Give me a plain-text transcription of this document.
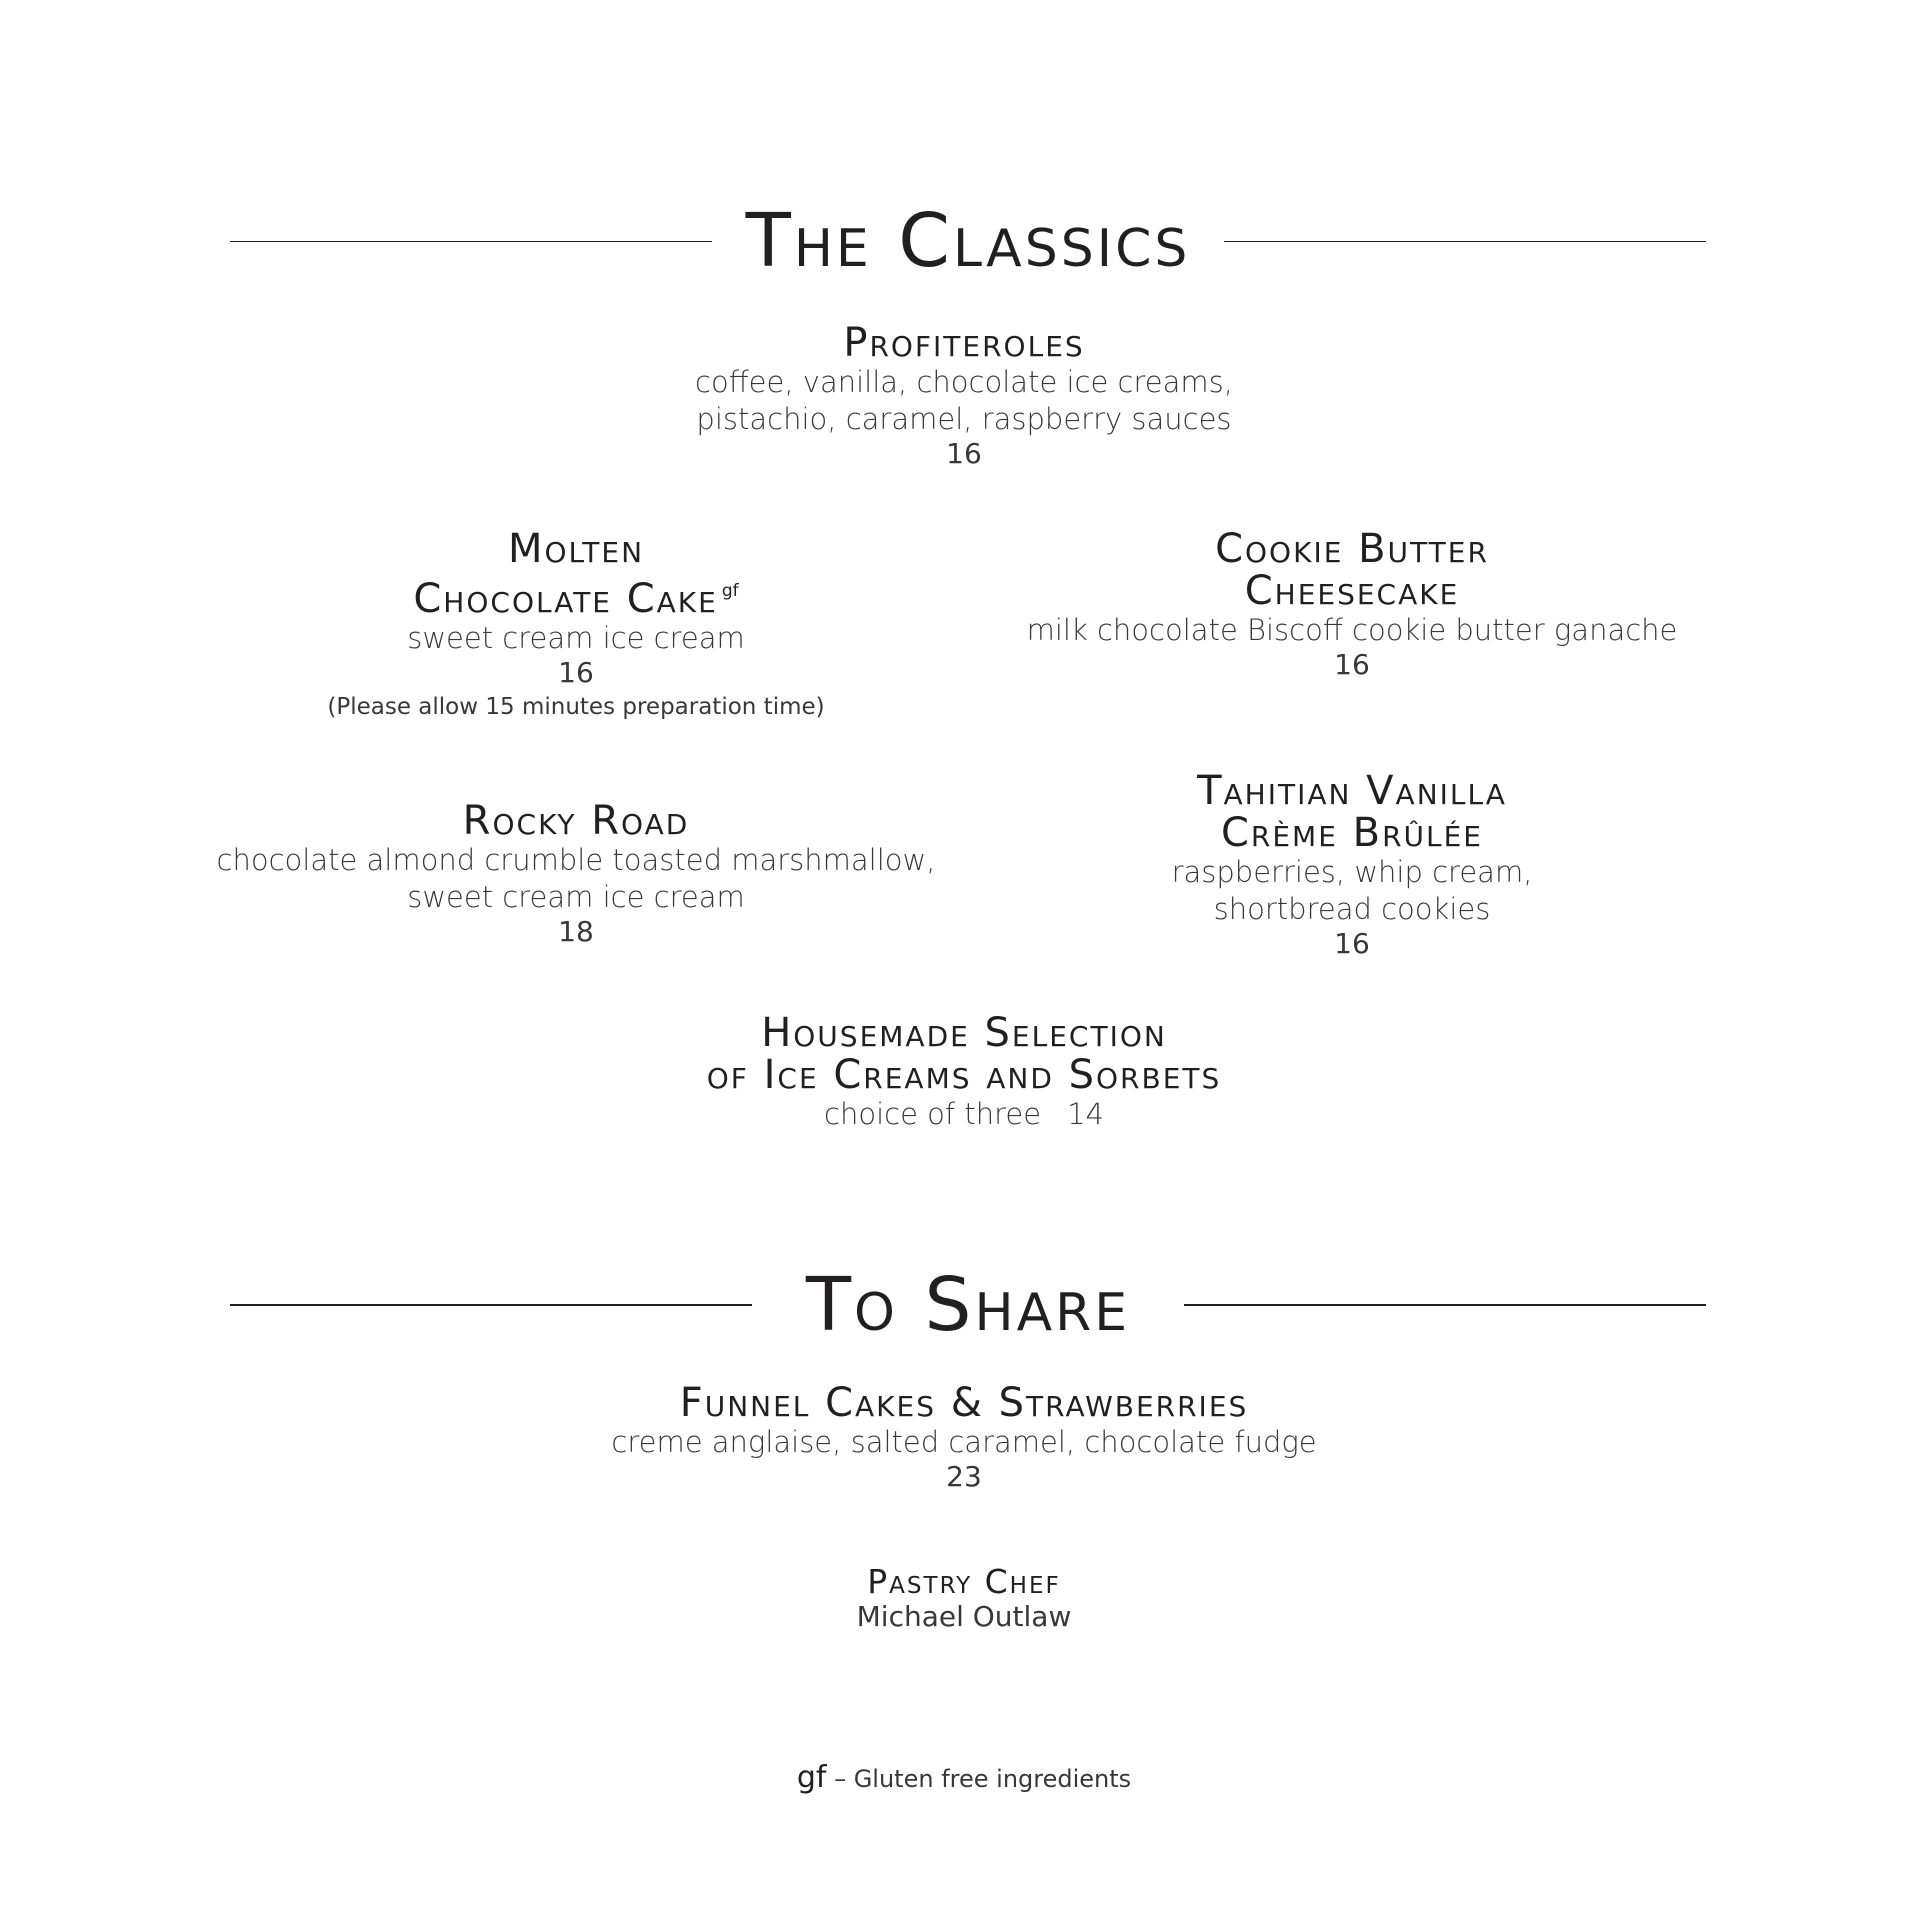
The Classics
Profiteroles
coffee, vanilla, chocolate ice creams,
pistachio, caramel, raspberry sauces
16
Molten
Chocolate Cake $^{gf}$
sweet cream ice cream
16
(Please allow 15 minutes preparation time)
Cookie Butter
Cheesecake
milk chocolate Biscoff cookie butter ganache
16
Rocky Road
chocolate almond crumble toasted marshmallow,
sweet cream ice cream
18
Tahitian Vanilla
Crème Brûlée
raspberries, whip cream,
shortbread cookies
16
Housemade Selection
of Ice Creams and Sorbets
choice of three 14
To Share
Funnel Cakes & Strawberries
creme anglaise, salted caramel, chocolate fudge
23
Pastry Chef
Michael Outlaw
gf – Gluten free ingredients
